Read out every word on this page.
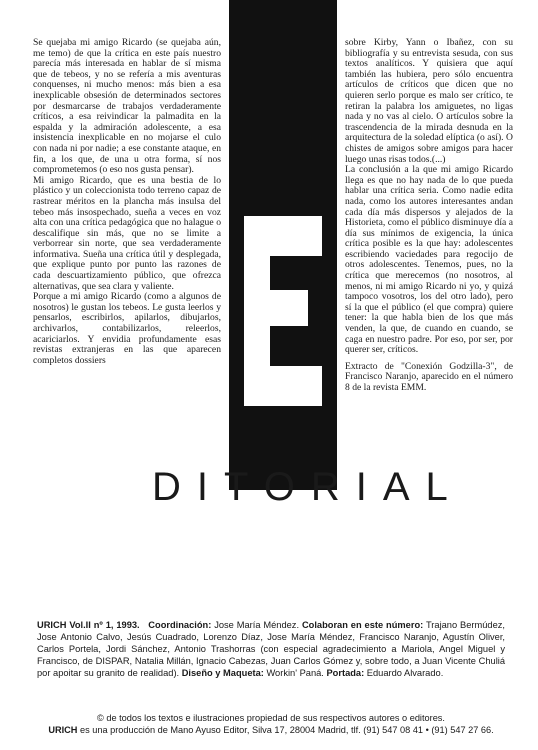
Se quejaba mi amigo Ricardo (se quejaba aún, me temo) de que la crítica en este país nuestro parecía más interesada en hablar de sí misma que de tebeos, y no se refería a mis aventuras conquenses, ni mucho menos: más bien a esa inexplicable obsesión de determinados sectores por desmarcarse de trabajos verdaderamente críticos, a esa reivindicar la palmadita en la espalda y la admiración adolescente, a esa insistencia inexplicable en no mojarse el culo con nada ni por nadie; a ese constante ataque, en fin, a los que, de una u otra forma, sí nos comprometemos (o eso nos gusta pensar).

Mi amigo Ricardo, que es una bestia de lo plástico y un coleccionista todo terreno capaz de rastrear méritos en la plancha más insulsa del tebeo más insospechado, sueña a veces en voz alta con una crítica pedagógica que no halague o descalifique sin más, que no se limite a verborrear sin norte, que sea verdaderamente informativa. Sueña una crítica útil y desplegada, que explique punto por punto las razones de cada descuartizamiento público, que ofrezca alternativas, que sea clara y valiente.

Porque a mi amigo Ricardo (como a algunos de nosotros) le gustan los tebeos. Le gusta leerlos y pensarlos, escribirlos, apilarlos, dibujarlos, archivarlos, contabilizarlos, releerlos, acariciarlos. Y envidia profundamente esas revistas extranjeras en las que aparecen completos dossiers

sobre Kirby, Yann o Ibañez, con su bibliografía y su entrevista sesuda, con sus textos analíticos. Y quisiera que aquí también las hubiera, pero sólo encuentra artículos de críticos que dicen que no quieren serlo porque es malo ser crítico, te retiran la palabra los amiguetes, no ligas nada y no vas al cielo. O artículos sobre la trascendencia de la mirada desnuda en la arquitectura de la soledad elíptica (o así). O chistes de amigos sobre amigos para hacer luego unas risas todos.(...)

La conclusión a la que mi amigo Ricardo llega es que no hay nada de lo que pueda hablar una crítica seria. Como nadie edita nada, como los autores interesantes andan cada día más dispersos y alejados de la Historieta, como el público disminuye día a día sus mínimos de exigencia, la única crítica posible es la que hay: adolescentes escribiendo vaciedades para regocijo de otros adolescentes. Tenemos, pues, no la crítica que merecemos (no nosotros, al menos, ni mi amigo Ricardo ni yo, y quizá tampoco vosotros, los del otro lado), pero sí la que el público (el que compra) quiere tener: la que habla bien de los que más venden, la que, de cuando en cuando, se caga en nuestro padre. Por eso, por ser, por querer ser, críticos.

Extracto de "Conexión Godzilla-3", de Francisco Naranjo, aparecido en el número 8 de la revista EMM.

DITORIAL
URICH Vol.II nº 1, 1993. Coordinación: Jose María Méndez. Colaboran en este número: Trajano Bermúdez, Jose Antonio Calvo, Jesús Cuadrado, Lorenzo Díaz, Jose María Méndez, Francisco Naranjo, Agustín Oliver, Carlos Portela, Jordi Sánchez, Antonio Trashorras (con especial agradecimiento a Mariola, Angel Miguel y Francisco, de DISPAR, Natalia Millán, Ignacio Cabezas, Juan Carlos Gómez y, sobre todo, a Juan Vicente Chuliá por apoitar su granito de realidad). Diseño y Maqueta: Workin' Paná. Portada: Eduardo Alvarado.
© de todos los textos e ilustraciones propiedad de sus respectivos autores o editores.
URICH es una producción de Mano Ayuso Editor, Silva 17, 28004 Madrid, tlf. (91) 547 08 41 • (91) 547 27 66.
